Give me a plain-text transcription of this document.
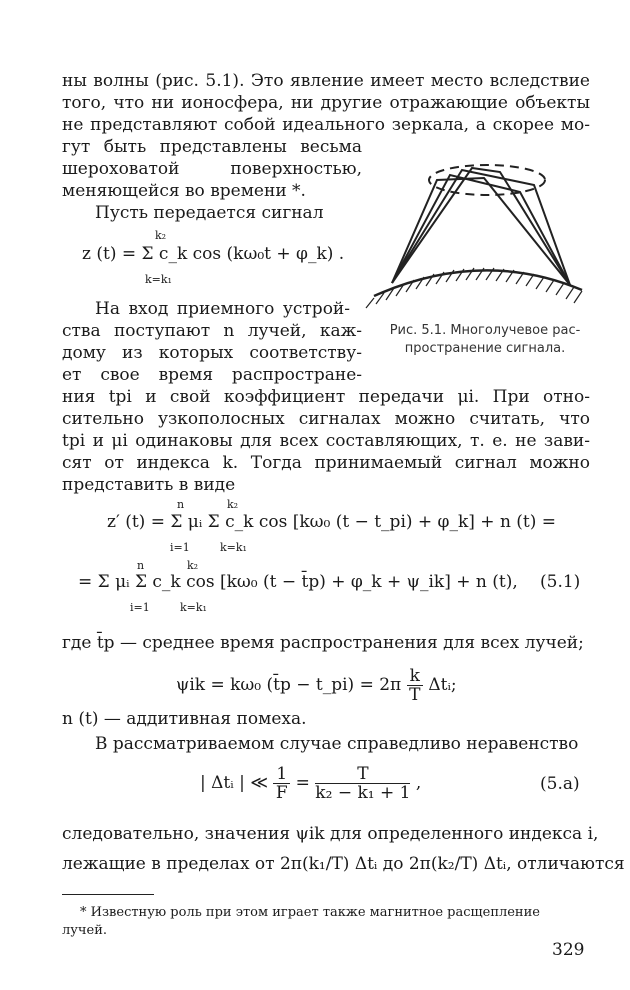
ны волны (рис. 5.1). Это явление имеет место вследствие
того, что ни ионосфера, ни другие отражающие объекты
не представляют собой идеального зеркала, а скорее мо-
гут быть представлены весьма
шероховатой поверхностью,
меняющейся во времени *.
Пусть передается сигнал
k₂
z (t) = Σ c_k cos (kω₀t + φ_k) .
k=k₁
На вход приемного устрой-
ства поступают n лучей, каж-
дому из которых соответству-
ет свое время распростране-
ния tpi и свой коэффициент передачи μi. При отно-
сительно узкополосных сигналах можно считать, что
tpi и μi одинаковы для всех составляющих, т. е. не зави-
сят от индекса k. Тогда принимаемый сигнал можно
представить в виде
Рис. 5.1. Многолучевое рас-
пространение сигнала.
n	k₂
z′ (t) = Σ μᵢ Σ c_k cos [kω₀ (t − t_pi) + φ_k] + n (t) =
i=1	k=k₁
n	k₂
= Σ μᵢ Σ c_k cos [kω₀ (t − t̄p) + φ_k + ψ_ik] + n (t), (5.1)
i=1	k=k₁
где t̄p — среднее время распространения для всех лучей;
ψik = kω₀ (t̄p − t_pi) = $2\pi \frac{k}{T}$ Δtᵢ;
n (t) — аддитивная помеха.
В рассматриваемом случае справедливо неравенство
| Δtᵢ | ≪ $\frac{1}{F} = \frac{T}{\text{k₂ − k₁ + 1}}$ ,	(5.a)
следовательно, значения ψik для определенного индекса i,
лежащие в пределах от 2π(k₁/T) Δtᵢ до 2π(k₂/T) Δtᵢ, отличаются
* Известную роль при этом играет также магнитное расщепление
лучей.
329
